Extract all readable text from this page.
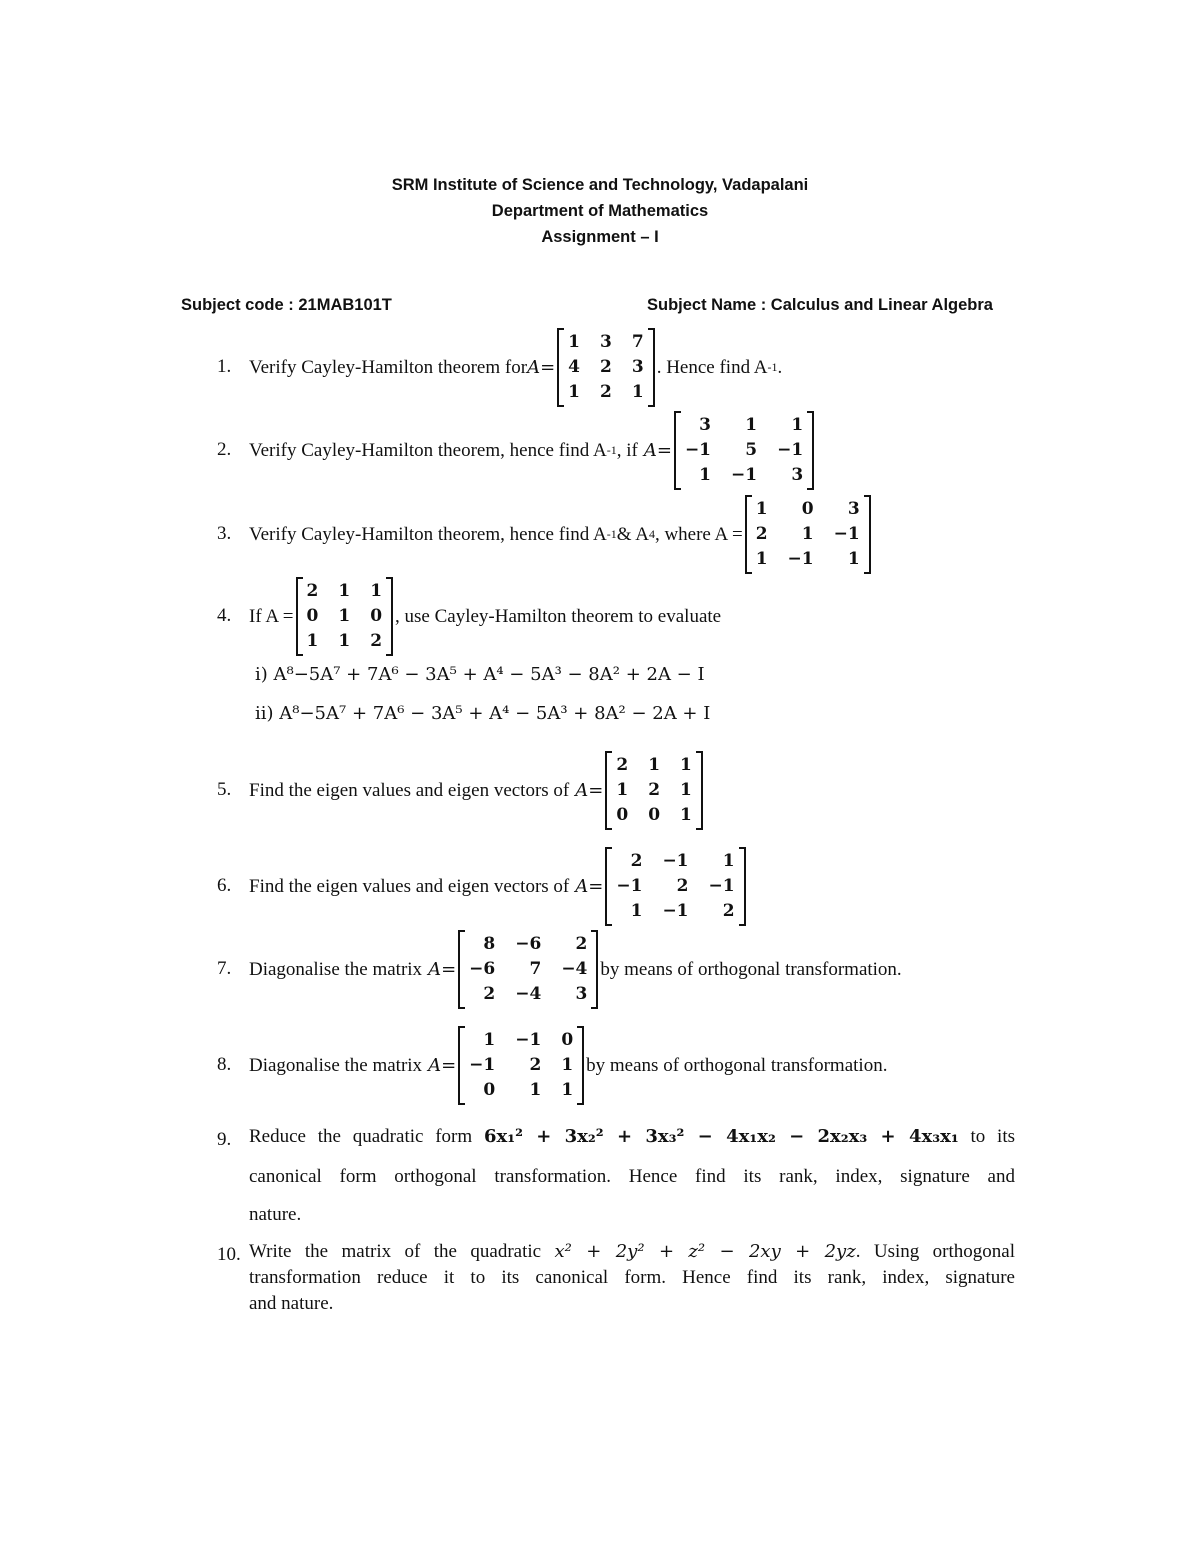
SRM Institute of Science and Technology, Vadapalani
Department of Mathematics
Assignment – I
Subject code : 21MAB101T	Subject Name : Calculus and Linear Algebra
1. Verify Cayley-Hamilton theorem for A =
1 3 7
4 2 3
1 2 1
. Hence find A -1 .
2. Verify Cayley-Hamilton theorem, hence find A -1 , if A =
3	1	1
−1	5 −1
1 −1	3
3. Verify Cayley-Hamilton theorem, hence find A -1 & A 4 , where A =
1	0	3
2	1 −1
1 −1	1
4. If A =
2 1 1
0 1 0
1 1 2
, use Cayley-Hamilton theorem to evaluate
i) A⁸−5A⁷ + 7A⁶ − 3A⁵ + A⁴ − 5A³ − 8A² + 2A − I
ii) A⁸−5A⁷ + 7A⁶ − 3A⁵ + A⁴ − 5A³ + 8A² − 2A + I
5. Find the eigen values and eigen vectors of A =
2 1 1
1 2 1
0 0 1
6. Find the eigen values and eigen vectors of A =
2 −1	1
−1	2 −1
1 −1	2
7. Diagonalise the matrix A =
8 −6	2
−6	7 −4
2 −4	3
by means of orthogonal transformation.
8. Diagonalise the matrix A =
1 −1 0
−1	2 1
0	1 1
by means of orthogonal transformation.
9. Reduce the quadratic form 6x₁² + 3x₂² + 3x₃² − 4x₁x₂ − 2x₂x₃ + 4x₃x₁ to its
canonical form orthogonal transformation. Hence find its rank, index, signature and
nature.
10. Write the matrix of the quadratic x² + 2y² + z² − 2xy + 2yz. Using orthogonal
transformation reduce it to its canonical form. Hence find its rank, index, signature
and nature.
